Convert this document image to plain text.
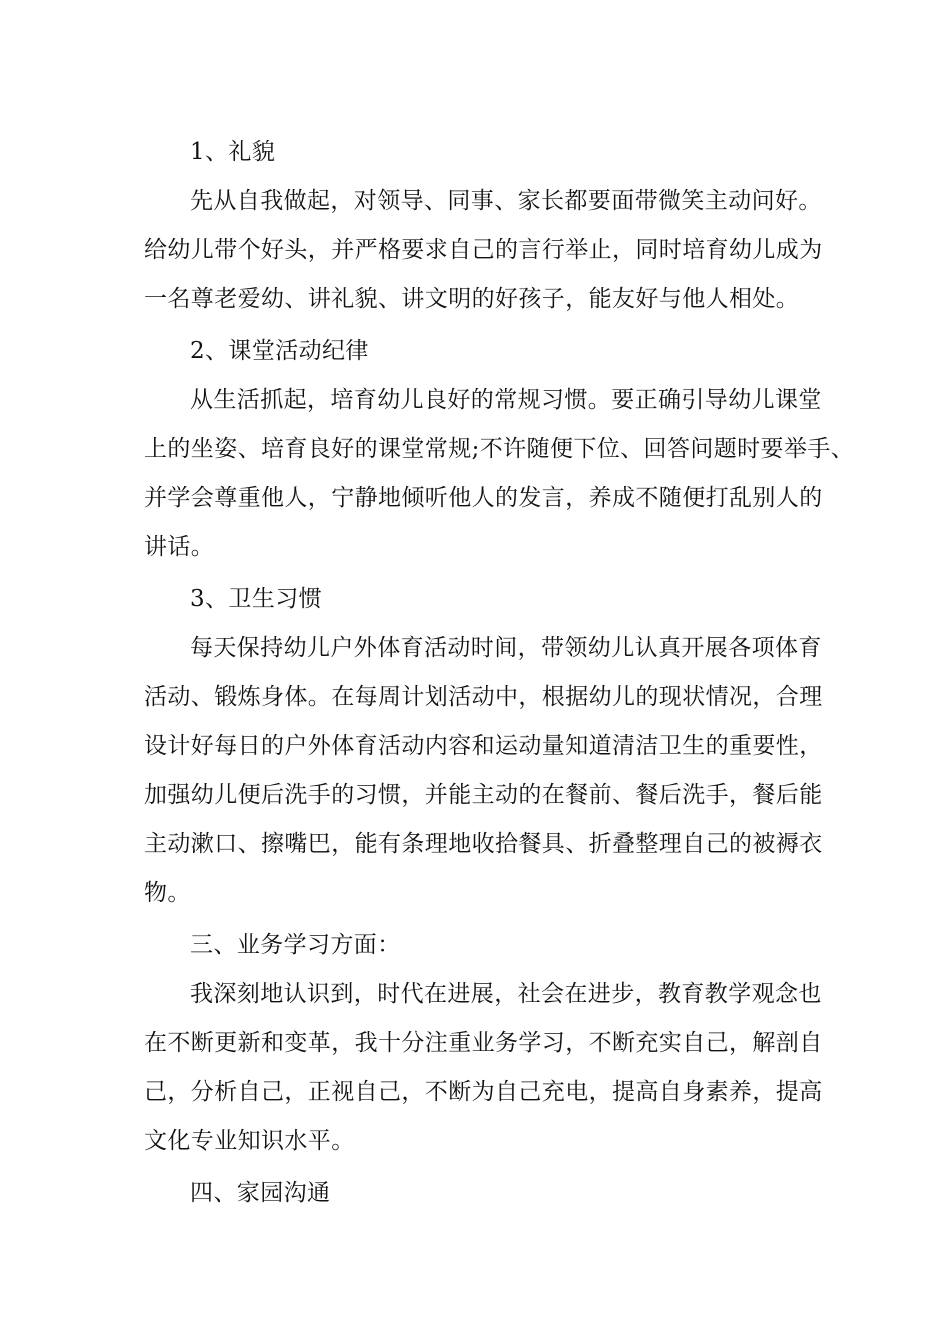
1、礼貌
先从自我做起，对领导、同事、家长都要面带微笑主动问好。
给幼儿带个好头，并严格要求自己的言行举止，同时培育幼儿成为
一名尊老爱幼、讲礼貌、讲文明的好孩子，能友好与他人相处。
2、课堂活动纪律
从生活抓起，培育幼儿良好的常规习惯。要正确引导幼儿课堂
上的坐姿、培育良好的课堂常规;不许随便下位、回答问题时要举手、
并学会尊重他人，宁静地倾听他人的发言，养成不随便打乱别人的
讲话。
3、卫生习惯
每天保持幼儿户外体育活动时间，带领幼儿认真开展各项体育
活动、锻炼身体。在每周计划活动中，根据幼儿的现状情况，合理
设计好每日的户外体育活动内容和运动量知道清洁卫生的重要性，
加强幼儿便后洗手的习惯，并能主动的在餐前、餐后洗手，餐后能
主动漱口、擦嘴巴，能有条理地收拾餐具、折叠整理自己的被褥衣
物。
三、业务学习方面：
我深刻地认识到，时代在进展，社会在进步，教育教学观念也
在不断更新和变革，我十分注重业务学习，不断充实自己，解剖自
己，分析自己，正视自己，不断为自己充电，提高自身素养，提高
文化专业知识水平。
四、家园沟通
